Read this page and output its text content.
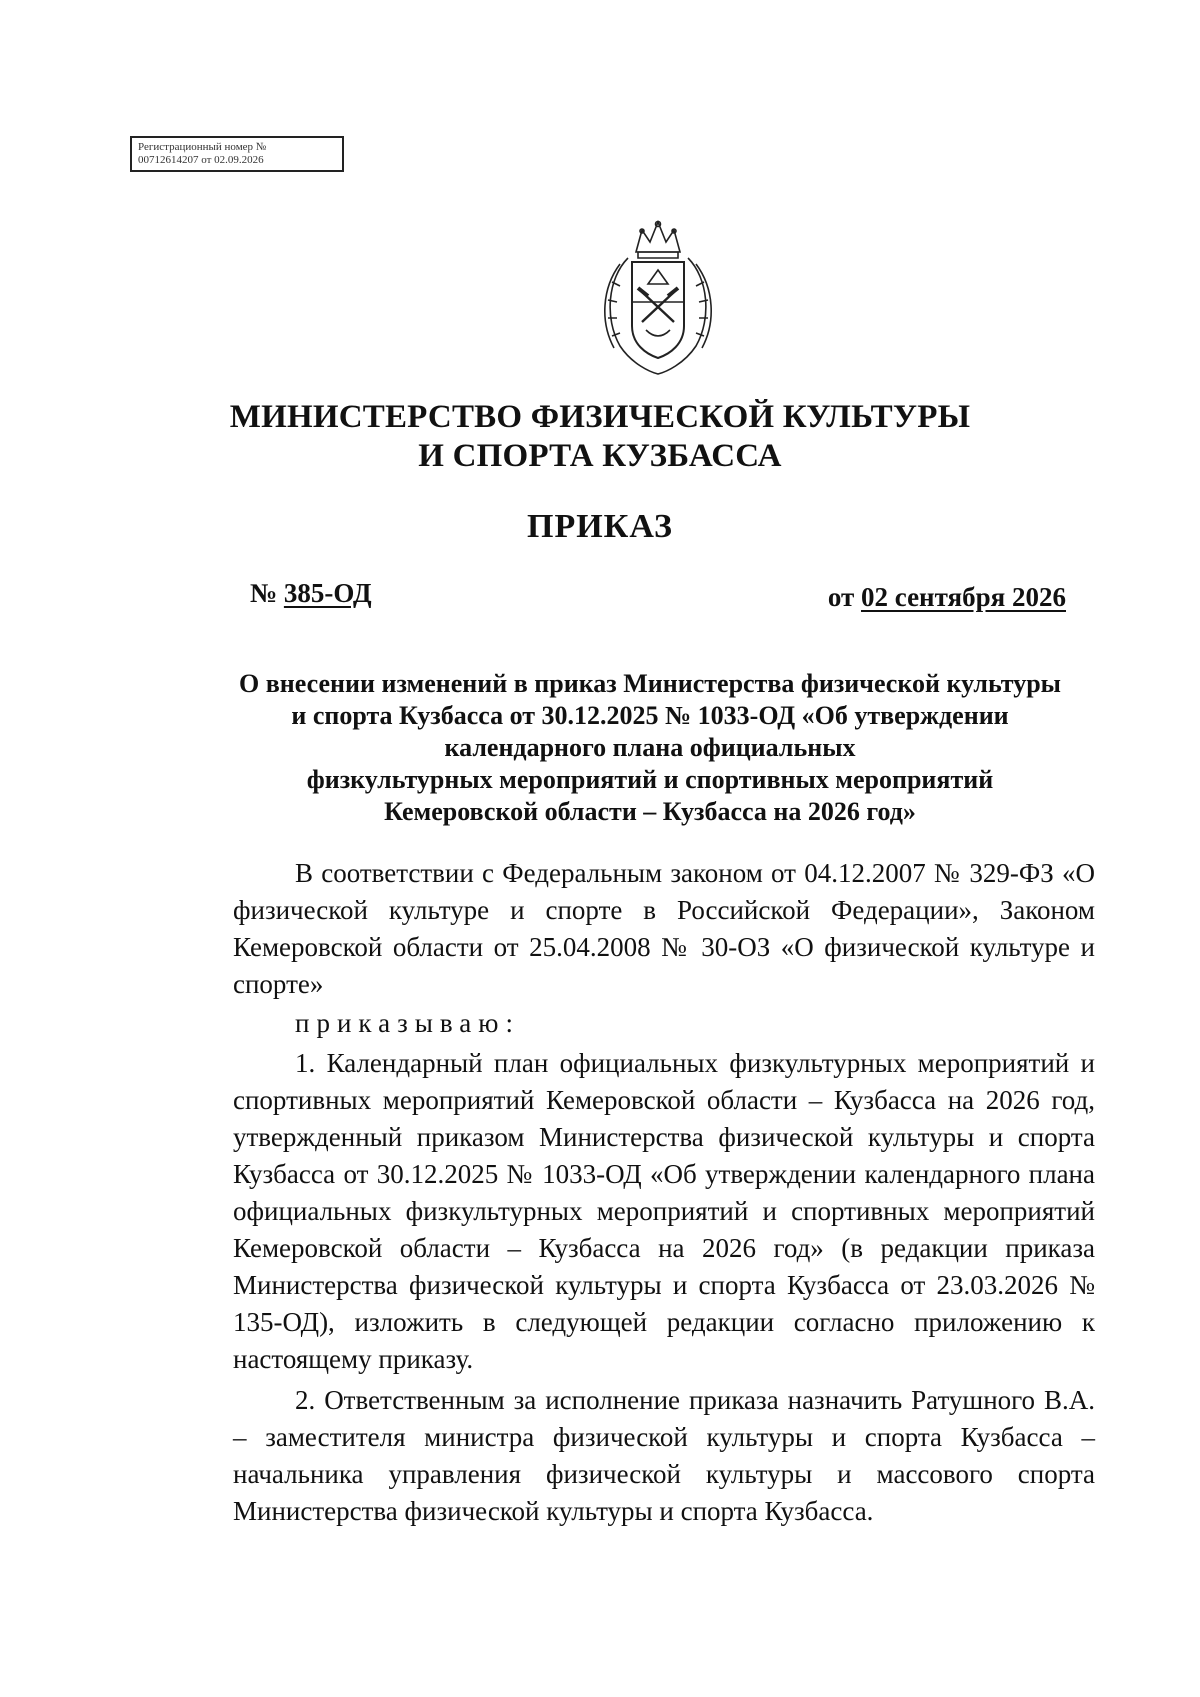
Регистрационный номер №
00712614207 от 02.09.2026
МИНИСТЕРСТВО ФИЗИЧЕСКОЙ КУЛЬТУРЫ
И СПОРТА КУЗБАССА
ПРИКАЗ
№ 385-ОД	от 02 сентября 2026
О внесении изменений в приказ Министерства физической культуры
и спорта Кузбасса от 30.12.2025 № 1033-ОД «Об утверждении
календарного плана официальных
физкультурных мероприятий и спортивных мероприятий
Кемеровской области – Кузбасса на 2026 год»

В соответствии с Федеральным законом от 04.12.2007 № 329-ФЗ «О физической культуре и спорте в Российской Федерации», Законом Кемеровской области от 25.04.2008 № 30-ОЗ «О физической культуре и спорте»

приказываю:

1. Календарный план официальных физкультурных мероприятий и спортивных мероприятий Кемеровской области – Кузбасса на 2026 год, утвержденный приказом Министерства физической культуры и спорта Кузбасса от 30.12.2025 № 1033-ОД «Об утверждении календарного плана официальных физкультурных мероприятий и спортивных мероприятий Кемеровской области – Кузбасса на 2026 год» (в редакции приказа Министерства физической культуры и спорта Кузбасса от 23.03.2026 № 135-ОД), изложить в следующей редакции согласно приложению к настоящему приказу.

2. Ответственным за исполнение приказа назначить Ратушного В.А. – заместителя министра физической культуры и спорта Кузбасса – начальника управления физической культуры и массового спорта Министерства физической культуры и спорта Кузбасса.
